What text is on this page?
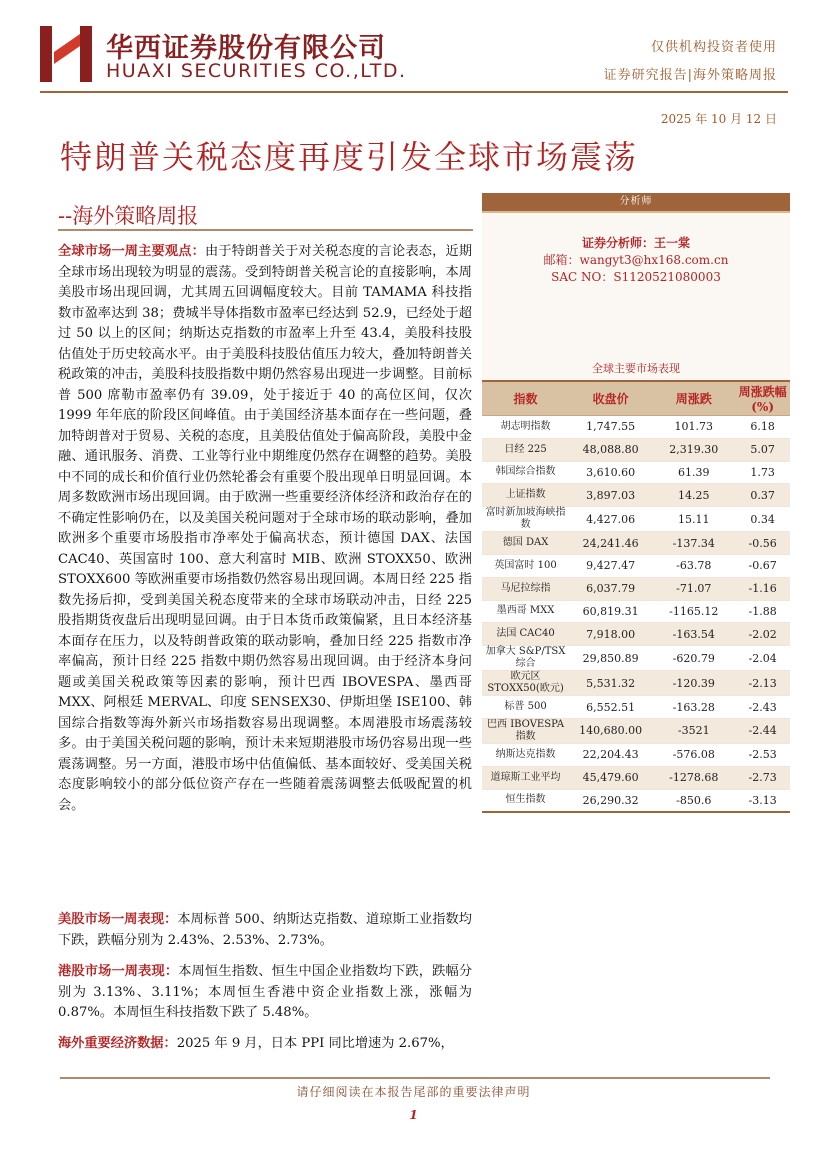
华西证券股份有限公司
HUAXI SECURITIES CO.,LTD.
仅供机构投资者使用
证券研究报告|海外策略周报
2025 年 10 月 12 日
特朗普关税态度再度引发全球市场震荡
--海外策略周报
全球市场一周主要观点：由于特朗普关于对关税态度的言论表态，近期全球市场出现较为明显的震荡。受到特朗普关税言论的直接影响，本周美股市场出现回调，尤其周五回调幅度较大。目前 TAMAMA 科技指数市盈率达到 38；费城半导体指数市盈率已经达到 52.9，已经处于超过 50 以上的区间；纳斯达克指数的市盈率上升至 43.4，美股科技股估值处于历史较高水平。由于美股科技股估值压力较大，叠加特朗普关税政策的冲击，美股科技股指数中期仍然容易出现进一步调整。目前标普 500 席勒市盈率仍有 39.09，处于接近于 40 的高位区间，仅次 1999 年年底的阶段区间峰值。由于美国经济基本面存在一些问题，叠加特朗普对于贸易、关税的态度，且美股估值处于偏高阶段，美股中金融、通讯服务、消费、工业等行业中期维度仍然存在调整的趋势。美股中不同的成长和价值行业仍然轮番会有重要个股出现单日明显回调。本周多数欧洲市场出现回调。由于欧洲一些重要经济体经济和政治存在的不确定性影响仍在，以及美国关税问题对于全球市场的联动影响，叠加欧洲多个重要市场股指市净率处于偏高状态，预计德国 DAX、法国 CAC40、英国富时 100、意大利富时 MIB、欧洲 STOXX50、欧洲 STOXX600 等欧洲重要市场指数仍然容易出现回调。本周日经 225 指数先扬后抑，受到美国关税态度带来的全球市场联动冲击，日经 225 股指期货夜盘后出现明显回调。由于日本货币政策偏紧，且日本经济基本面存在压力，以及特朗普政策的联动影响，叠加日经 225 指数市净率偏高，预计日经 225 指数中期仍然容易出现回调。由于经济本身问题或美国关税政策等因素的影响，预计巴西 IBOVESPA、墨西哥 MXX、阿根廷 MERVAL、印度 SENSEX30、伊斯坦堡 ISE100、韩国综合指数等海外新兴市场指数容易出现调整。本周港股市场震荡较多。由于美国关税问题的影响，预计未来短期港股市场仍容易出现一些震荡调整。另一方面，港股市场中估值偏低、基本面较好、受美国关税态度影响较小的部分低位资产存在一些随着震荡调整去低吸配置的机会。
美股市场一周表现：本周标普 500、纳斯达克指数、道琼斯工业指数均下跌，跌幅分别为 2.43%、2.53%、2.73%。
港股市场一周表现：本周恒生指数、恒生中国企业指数均下跌，跌幅分别为 3.13%、3.11%；本周恒生香港中资企业指数上涨，涨幅为 0.87%。本周恒生科技指数下跌了 5.48%。
海外重要经济数据：2025 年 9 月，日本 PPI 同比增速为 2.67%，
分析师
证券分析师：王一棠
邮箱：wangyt3@hx168.com.cn
SAC NO：S1120521080003
全球主要市场表现
指数	收盘价	周涨跌	周涨跌幅(%)
胡志明指数	1,747.55	101.73	6.18
日经 225	48,088.80	2,319.30	5.07
韩国综合指数	3,610.60	61.39	1.73
上证指数	3,897.03	14.25	0.37
富时新加坡海峡指数	4,427.06	15.11	0.34
德国 DAX	24,241.46	-137.34	-0.56
英国富时 100	9,427.47	-63.78	-0.67
马尼拉综指	6,037.79	-71.07	-1.16
墨西哥 MXX	60,819.31	-1165.12	-1.88
法国 CAC40	7,918.00	-163.54	-2.02
加拿大 S&P/TSX 综合	29,850.89	-620.79	-2.04
欧元区 STOXX50(欧元)	5,531.32	-120.39	-2.13
标普 500	6,552.51	-163.28	-2.43
巴西 IBOVESPA 指数	140,680.00	-3521	-2.44
纳斯达克指数	22,204.43	-576.08	-2.53
道琼斯工业平均	45,479.60	-1278.68	-2.73
恒生指数	26,290.32	-850.6	-3.13
请仔细阅读在本报告尾部的重要法律声明
1
